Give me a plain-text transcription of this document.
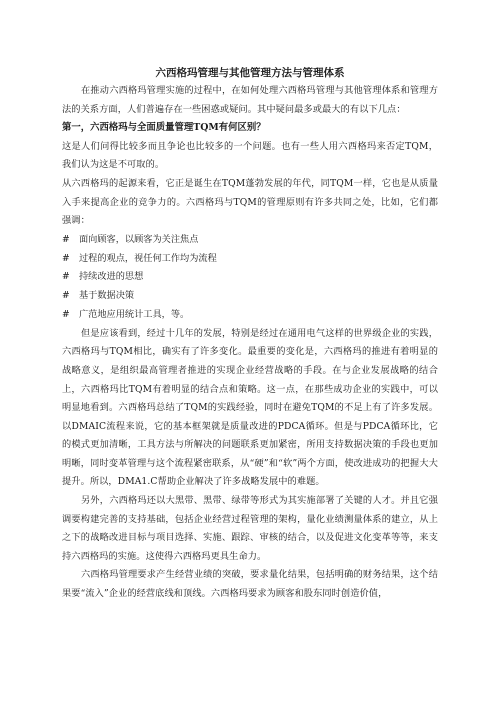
六西格玛管理与其他管理方法与管理体系

在推动六西格玛管理实施的过程中，在如何处理六西格玛管理与其他管理体系和管理方法的关系方面，人们普遍存在一些困惑或疑问。其中疑问最多或最大的有以下几点：

第一，六西格玛与全面质量管理TQM有何区别？

这是人们问得比较多而且争论也比较多的一个问题。也有一些人用六西格玛来否定TQM，我们认为这是不可取的。

从六西格玛的起源来看，它正是诞生在TQM蓬勃发展的年代，同TQM一样，它也是从质量入手来提高企业的竞争力的。六西格玛与TQM的管理原则有许多共同之处，比如，它们都强调：

# 面向顾客，以顾客为关注焦点
# 过程的观点，视任何工作均为流程
# 持续改进的思想
# 基于数据决策
# 广范地应用统计工具，等。

但是应该看到，经过十几年的发展，特别是经过在通用电气这样的世界级企业的实践，六西格玛与TQM相比，确实有了许多变化。最重要的变化是，六西格玛的推进有着明显的战略意义，是组织最高管理者推进的实现企业经营战略的手段。在与企业发展战略的结合上，六西格玛比TQM有着明显的结合点和策略。这一点，在那些成功企业的实践中，可以明显地看到。六西格玛总结了TQM的实践经验，同时在避免TQM的不足上有了许多发展。以DMAIC流程来说，它的基本框架就是质量改进的PDCA循环。但是与PDCA循环比，它的模式更加清晰，工具方法与所解决的问题联系更加紧密，所用支持数据决策的手段也更加明晰，同时变革管理与这个流程紧密联系，从“硬”和“软”两个方面，使改进成功的把握大大提升。所以，DMA1.C帮助企业解决了许多战略发展中的难题。

另外，六西格玛还以大黑带、黑带、绿带等形式为其实施部署了关键的人才。并且它强调要构建完善的支持基础，包括企业经营过程管理的架构，量化业绩测量体系的建立，从上之下的战略改进目标与项目选择、实施、跟踪、审核的结合，以及促进文化变革等等，来支持六西格玛的实施。这使得六西格玛更具生命力。

六西格玛管理要求产生经营业绩的突破，要求量化结果，包括明确的财务结果，这个结果要“流入”企业的经营底线和顶线。六西格玛要求为顾客和股东同时创造价值，
